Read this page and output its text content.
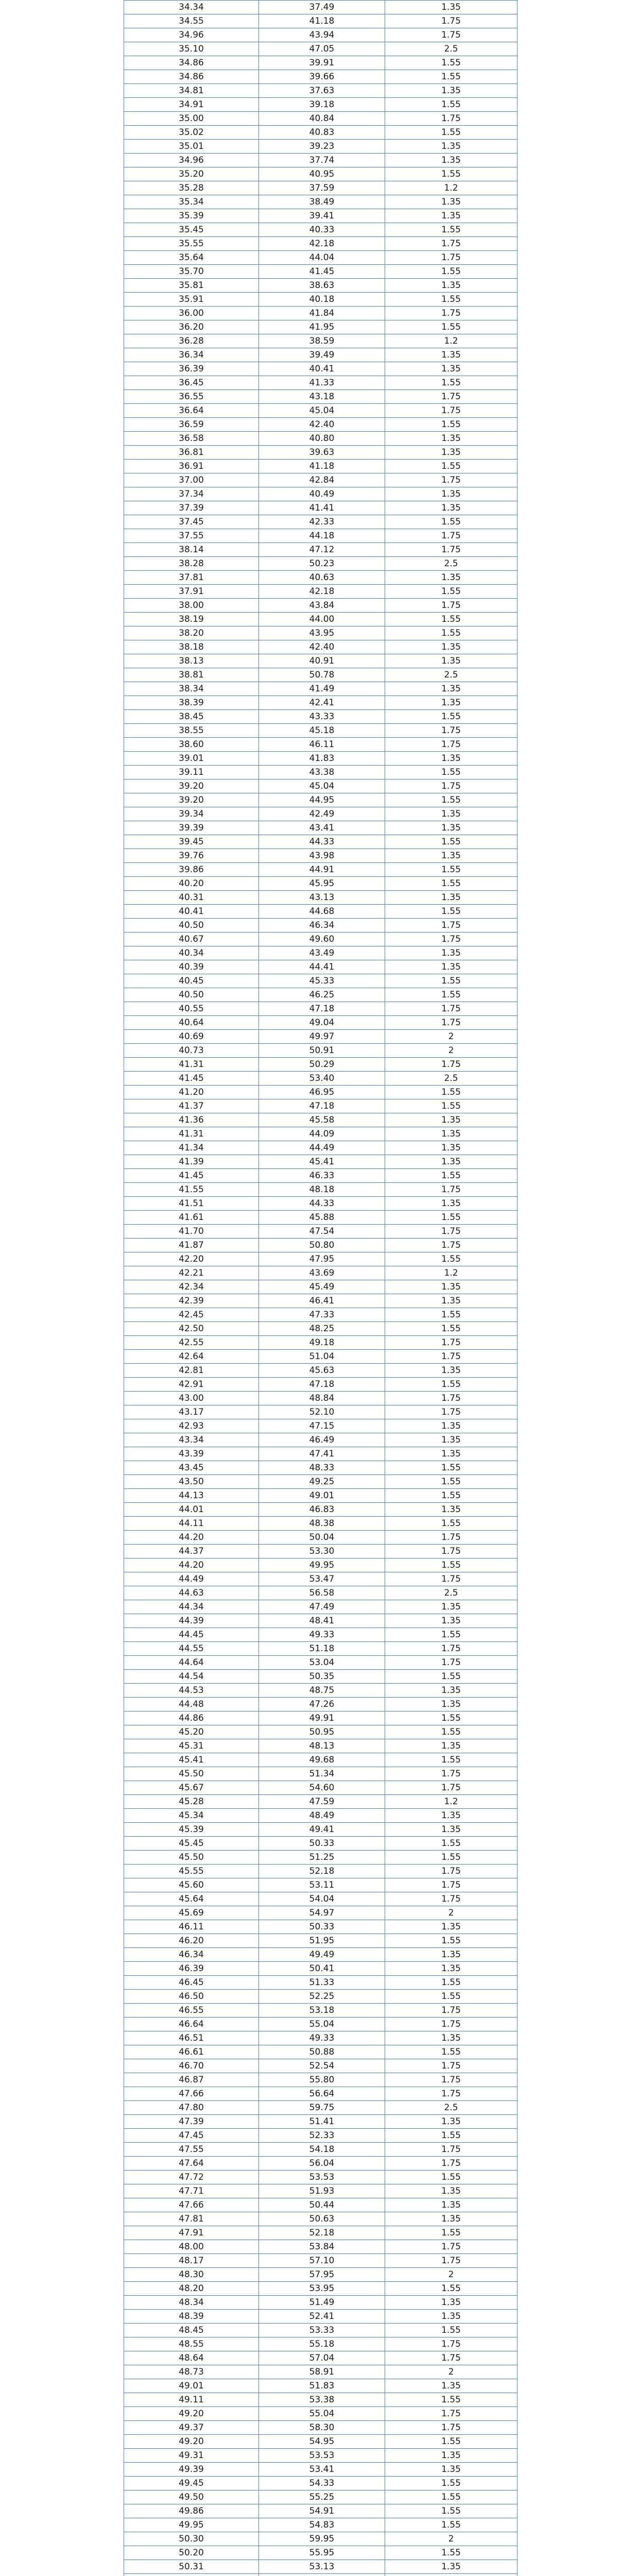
34.34	37.49	1.35
34.55	41.18	1.75
34.96	43.94	1.75
35.10	47.05	2.5
34.86	39.91	1.55
34.86	39.66	1.55
34.81	37.63	1.35
34.91	39.18	1.55
35.00	40.84	1.75
35.02	40.83	1.55
35.01	39.23	1.35
34.96	37.74	1.35
35.20	40.95	1.55
35.28	37.59	1.2
35.34	38.49	1.35
35.39	39.41	1.35
35.45	40.33	1.55
35.55	42.18	1.75
35.64	44.04	1.75
35.70	41.45	1.55
35.81	38.63	1.35
35.91	40.18	1.55
36.00	41.84	1.75
36.20	41.95	1.55
36.28	38.59	1.2
36.34	39.49	1.35
36.39	40.41	1.35
36.45	41.33	1.55
36.55	43.18	1.75
36.64	45.04	1.75
36.59	42.40	1.55
36.58	40.80	1.35
36.81	39.63	1.35
36.91	41.18	1.55
37.00	42.84	1.75
37.34	40.49	1.35
37.39	41.41	1.35
37.45	42.33	1.55
37.55	44.18	1.75
38.14	47.12	1.75
38.28	50.23	2.5
37.81	40.63	1.35
37.91	42.18	1.55
38.00	43.84	1.75
38.19	44.00	1.55
38.20	43.95	1.55
38.18	42.40	1.35
38.13	40.91	1.35
38.81	50.78	2.5
38.34	41.49	1.35
38.39	42.41	1.35
38.45	43.33	1.55
38.55	45.18	1.75
38.60	46.11	1.75
39.01	41.83	1.35
39.11	43.38	1.55
39.20	45.04	1.75
39.20	44.95	1.55
39.34	42.49	1.35
39.39	43.41	1.35
39.45	44.33	1.55
39.76	43.98	1.35
39.86	44.91	1.55
40.20	45.95	1.55
40.31	43.13	1.35
40.41	44.68	1.55
40.50	46.34	1.75
40.67	49.60	1.75
40.34	43.49	1.35
40.39	44.41	1.35
40.45	45.33	1.55
40.50	46.25	1.55
40.55	47.18	1.75
40.64	49.04	1.75
40.69	49.97	2
40.73	50.91	2
41.31	50.29	1.75
41.45	53.40	2.5
41.20	46.95	1.55
41.37	47.18	1.55
41.36	45.58	1.35
41.31	44.09	1.35
41.34	44.49	1.35
41.39	45.41	1.35
41.45	46.33	1.55
41.55	48.18	1.75
41.51	44.33	1.35
41.61	45.88	1.55
41.70	47.54	1.75
41.87	50.80	1.75
42.20	47.95	1.55
42.21	43.69	1.2
42.34	45.49	1.35
42.39	46.41	1.35
42.45	47.33	1.55
42.50	48.25	1.55
42.55	49.18	1.75
42.64	51.04	1.75
42.81	45.63	1.35
42.91	47.18	1.55
43.00	48.84	1.75
43.17	52.10	1.75
42.93	47.15	1.35
43.34	46.49	1.35
43.39	47.41	1.35
43.45	48.33	1.55
43.50	49.25	1.55
44.13	49.01	1.55
44.01	46.83	1.35
44.11	48.38	1.55
44.20	50.04	1.75
44.37	53.30	1.75
44.20	49.95	1.55
44.49	53.47	1.75
44.63	56.58	2.5
44.34	47.49	1.35
44.39	48.41	1.35
44.45	49.33	1.55
44.55	51.18	1.75
44.64	53.04	1.75
44.54	50.35	1.55
44.53	48.75	1.35
44.48	47.26	1.35
44.86	49.91	1.55
45.20	50.95	1.55
45.31	48.13	1.35
45.41	49.68	1.55
45.50	51.34	1.75
45.67	54.60	1.75
45.28	47.59	1.2
45.34	48.49	1.35
45.39	49.41	1.35
45.45	50.33	1.55
45.50	51.25	1.55
45.55	52.18	1.75
45.60	53.11	1.75
45.64	54.04	1.75
45.69	54.97	2
46.11	50.33	1.35
46.20	51.95	1.55
46.34	49.49	1.35
46.39	50.41	1.35
46.45	51.33	1.55
46.50	52.25	1.55
46.55	53.18	1.75
46.64	55.04	1.75
46.51	49.33	1.35
46.61	50.88	1.55
46.70	52.54	1.75
46.87	55.80	1.75
47.66	56.64	1.75
47.80	59.75	2.5
47.39	51.41	1.35
47.45	52.33	1.55
47.55	54.18	1.75
47.64	56.04	1.75
47.72	53.53	1.55
47.71	51.93	1.35
47.66	50.44	1.35
47.81	50.63	1.35
47.91	52.18	1.55
48.00	53.84	1.75
48.17	57.10	1.75
48.30	57.95	2
48.20	53.95	1.55
48.34	51.49	1.35
48.39	52.41	1.35
48.45	53.33	1.55
48.55	55.18	1.75
48.64	57.04	1.75
48.73	58.91	2
49.01	51.83	1.35
49.11	53.38	1.55
49.20	55.04	1.75
49.37	58.30	1.75
49.20	54.95	1.55
49.31	53.53	1.35
49.39	53.41	1.35
49.45	54.33	1.55
49.50	55.25	1.55
49.86	54.91	1.55
49.95	54.83	1.55
50.30	59.95	2
50.20	55.95	1.55
50.31	53.13	1.35
